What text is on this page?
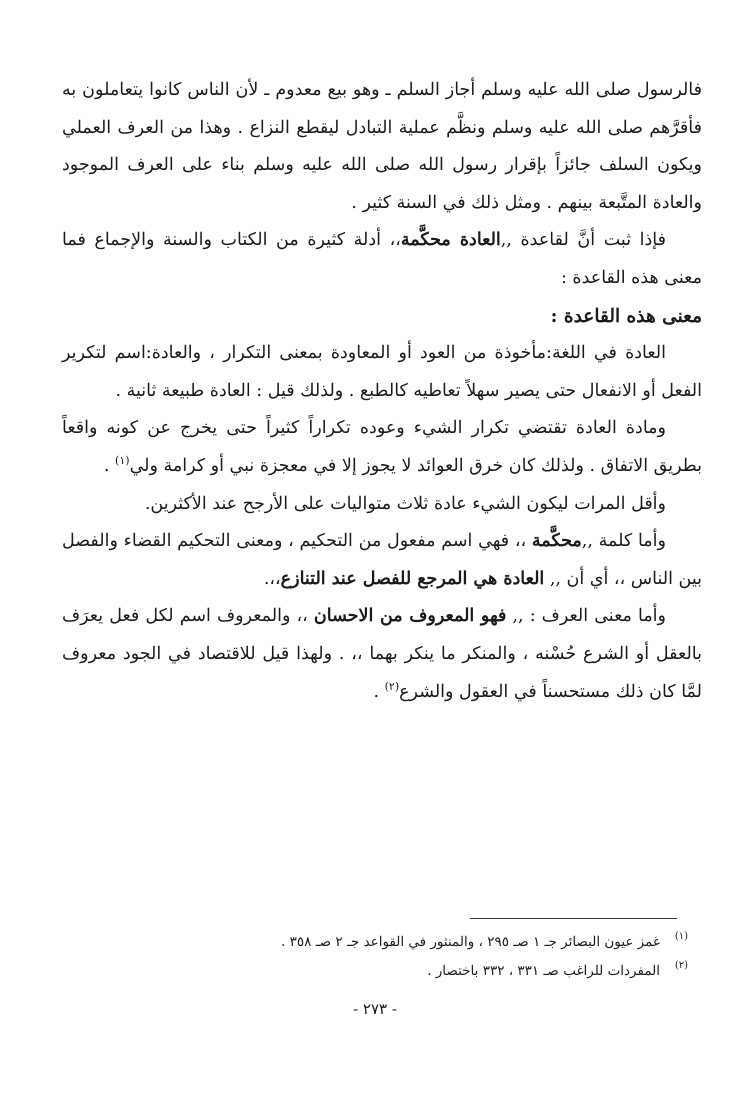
فالرسول صلى الله عليه وسلم أجاز السلم ـ وهو بيع معدوم ـ لأن الناس كانوا يتعاملون به فأقرَّهم صلى الله عليه وسلم ونظَّم عملية التبادل ليقطع النزاع . وهذا من العرف العملي ويكون السلف جائزاً بإقرار رسول الله صلى الله عليه وسلم بناء على العرف الموجود والعادة المتَّبعة بينهم . ومثل ذلك في السنة كثير .

فإذا ثبت أنَّ لقاعدة ,,العادة محكَّمة،، أدلة كثيرة من الكتاب والسنة والإجماع فما معنى هذه القاعدة :

معنى هذه القاعدة :

العادة في اللغة:مأخوذة من العود أو المعاودة بمعنى التكرار ، والعادة:اسم لتكرير الفعل أو الانفعال حتى يصير سهلاً تعاطيه كالطبع . ولذلك قيل : العادة طبيعة ثانية .

ومادة العادة تقتضي تكرار الشيء وعوده تكراراً كثيراً حتى يخرج عن كونه واقعاً بطريق الاتفاق . ولذلك كان خرق العوائد لا يجوز إلا في معجزة نبي أو كرامة ولي$^{(١)}$ .

وأقل المرات ليكون الشيء عادة ثلاث متواليات على الأرجح عند الأكثرين.

وأما كلمة ,,محكَّمة ،، فهي اسم مفعول من التحكيم ، ومعنى التحكيم القضاء والفصل بين الناس ،، أي أن ,, العادة هي المرجع للفصل عند التنازع،،.

وأما معنى العرف : ,, فهو المعروف من الاحسان ،، والمعروف اسم لكل فعل يعرَف بالعقل أو الشرع حُسْنه ، والمنكر ما ينكر بهما ،، . ولهذا قيل للاقتصاد في الجود معروف لمَّا كان ذلك مستحسناً في العقول والشرع$^{(٢)}$ .

(١)
غمز عيون البصائر جـ ١ صـ ٢٩٥ ، والمنثور في القواعد جـ ٢ صـ ٣٥٨ .
(٢)
المفردات للراغب صـ ٣٣١ ، ٣٣٢ باختصار .
- ٢٧٣ -
